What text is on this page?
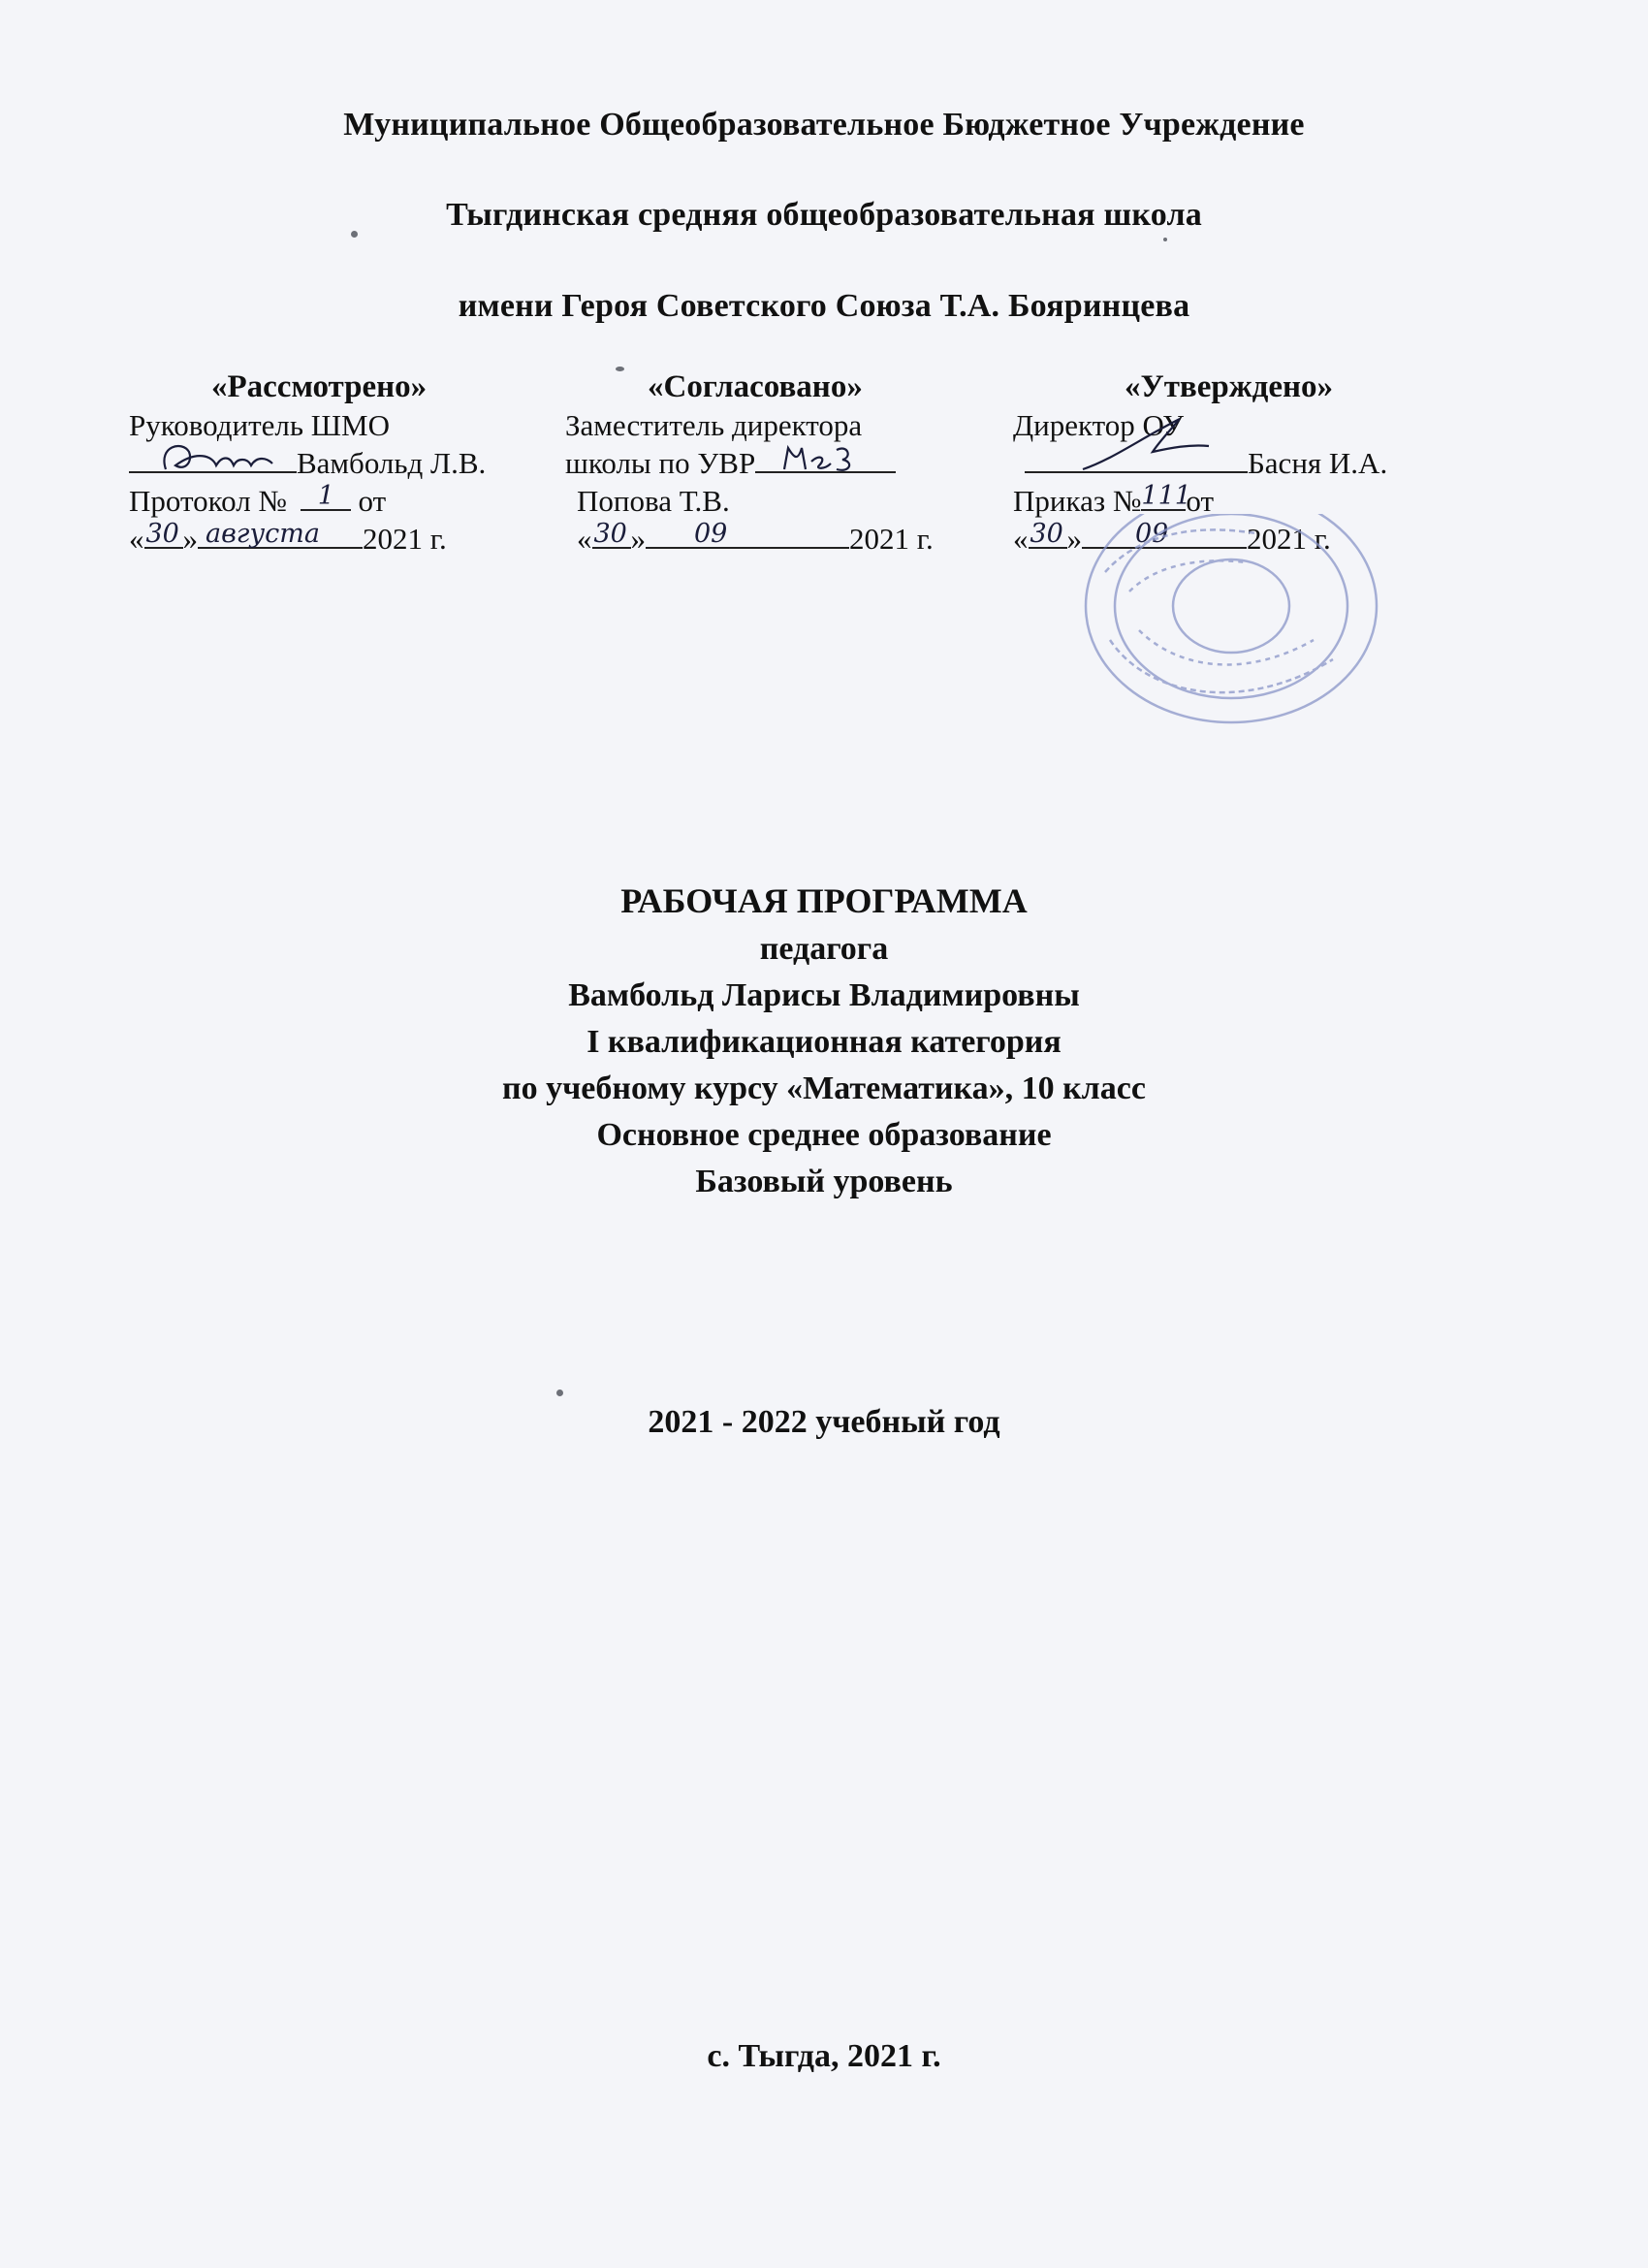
Муниципальное Общеобразовательное Бюджетное Учреждение
Тыгдинская средняя общеобразовательная школа
имени Героя Советского Союза Т.А. Бояринцева
«Рассмотрено»
Руководитель ШМО
Вамбольд Л.В.
Протокол № 1 от
« 30 » августа 2021 г.
«Согласовано»
Заместитель директора
школы по УВР
Попова Т.В.
« 30 » 09	2021 г.
«Утверждено»
Директор ОУ
Басня И.А.
Приказ № 111
от
« 30 » 09	2021 г.
РАБОЧАЯ ПРОГРАММА
педагога
Вамбольд Ларисы Владимировны
I квалификационная категория
по учебному курсу «Математика», 10 класс
Основное среднее образование
Базовый уровень
2021 - 2022 учебный год
с. Тыгда, 2021 г.
